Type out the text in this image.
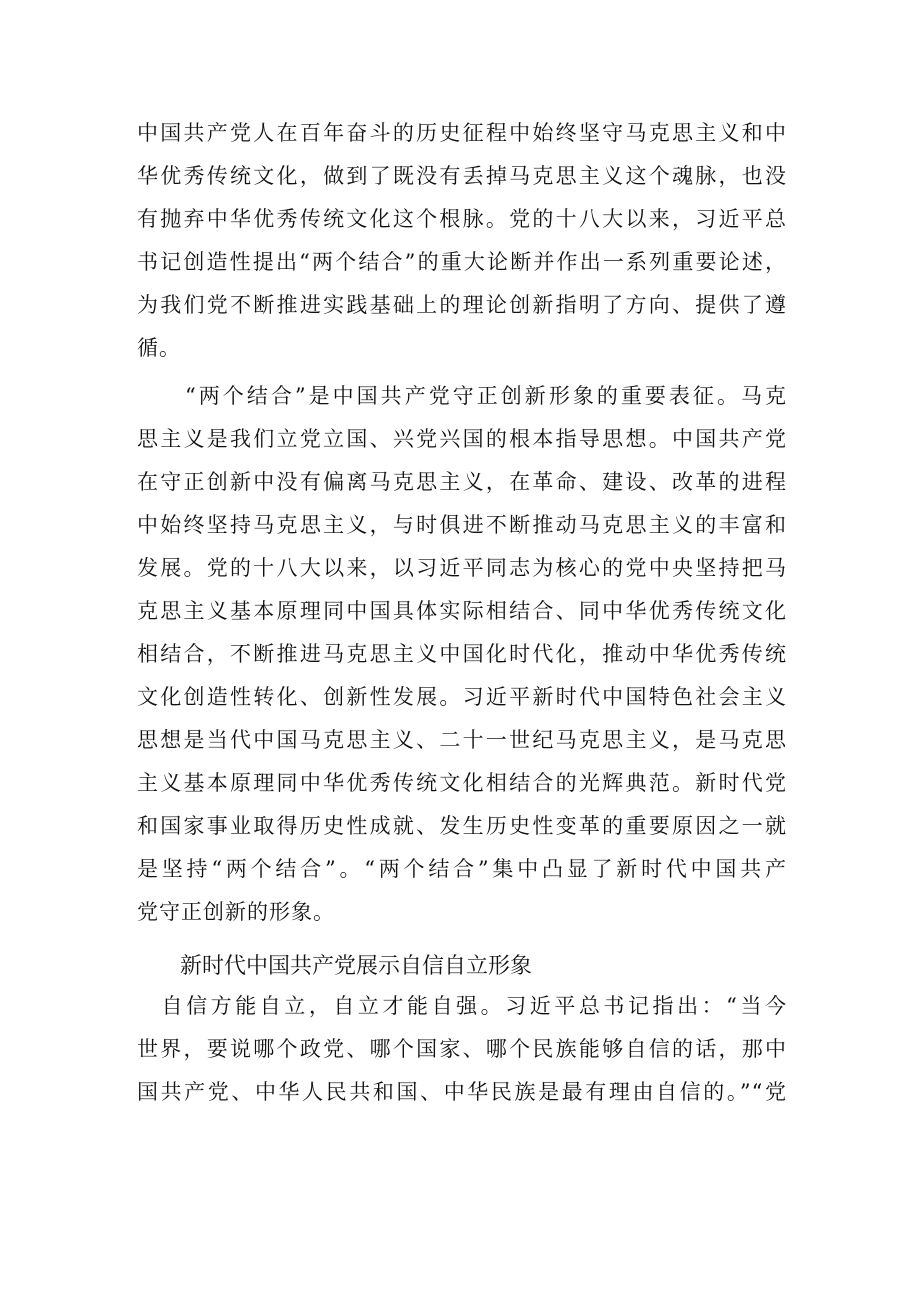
中国共产党人在百年奋斗的历史征程中始终坚守马克思主义和中
华优秀传统文化，做到了既没有丢掉马克思主义这个魂脉，也没
有抛弃中华优秀传统文化这个根脉。党的十八大以来，习近平总
书记创造性提出“两个结合”的重大论断并作出一系列重要论述，
为我们党不断推进实践基础上的理论创新指明了方向、提供了遵
循。
　　“两个结合”是中国共产党守正创新形象的重要表征。马克
思主义是我们立党立国、兴党兴国的根本指导思想。中国共产党
在守正创新中没有偏离马克思主义，在革命、建设、改革的进程
中始终坚持马克思主义，与时俱进不断推动马克思主义的丰富和
发展。党的十八大以来，以习近平同志为核心的党中央坚持把马
克思主义基本原理同中国具体实际相结合、同中华优秀传统文化
相结合，不断推进马克思主义中国化时代化，推动中华优秀传统
文化创造性转化、创新性发展。习近平新时代中国特色社会主义
思想是当代中国马克思主义、二十一世纪马克思主义，是马克思
主义基本原理同中华优秀传统文化相结合的光辉典范。新时代党
和国家事业取得历史性成就、发生历史性变革的重要原因之一就
是坚持“两个结合”。“两个结合”集中凸显了新时代中国共产
党守正创新的形象。
新时代中国共产党展示自信自立形象
　自信方能自立，自立才能自强。习近平总书记指出：“当今
世界，要说哪个政党、哪个国家、哪个民族能够自信的话，那中
国共产党、中华人民共和国、中华民族是最有理由自信的。”“党
